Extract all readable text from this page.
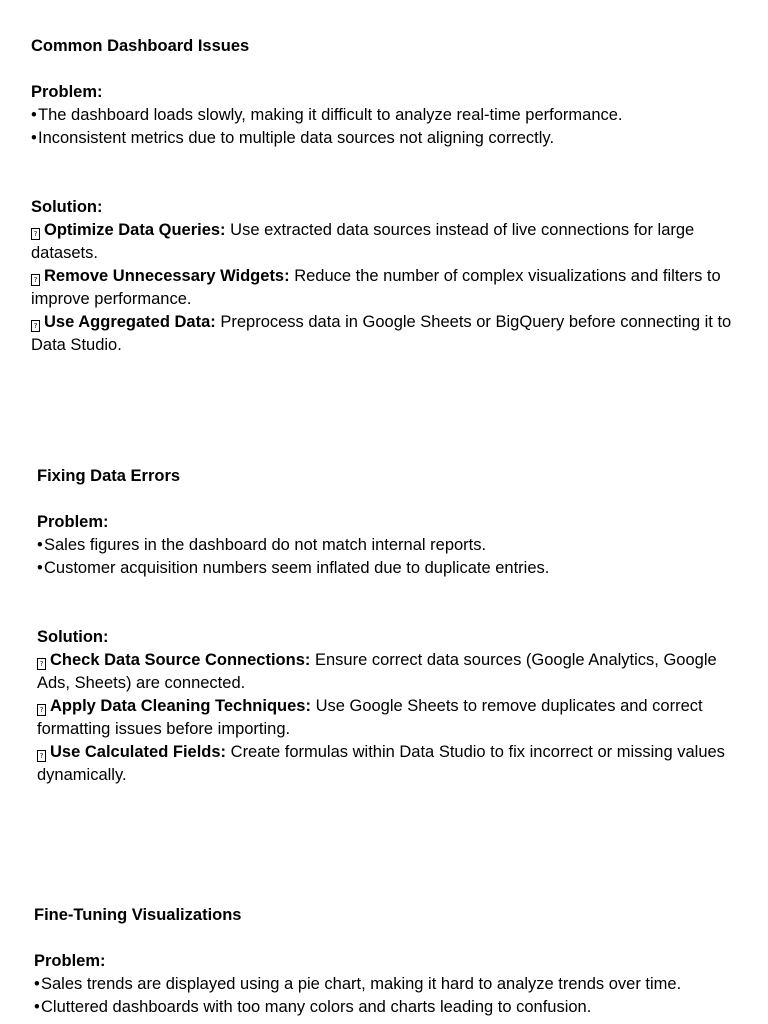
Common Dashboard Issues

Problem:

•The dashboard loads slowly, making it difficult to analyze real-time performance.

•Inconsistent metrics due to multiple data sources not aligning correctly.

Solution:

? Optimize Data Queries: Use extracted data sources instead of live connections for large datasets.

? Remove Unnecessary Widgets: Reduce the number of complex visualizations and filters to improve performance.

? Use Aggregated Data: Preprocess data in Google Sheets or BigQuery before connecting it to Data Studio.

Fixing Data Errors

Problem:

•Sales figures in the dashboard do not match internal reports.

•Customer acquisition numbers seem inflated due to duplicate entries.

Solution:

? Check Data Source Connections: Ensure correct data sources (Google Analytics, Google Ads, Sheets) are connected.

? Apply Data Cleaning Techniques: Use Google Sheets to remove duplicates and correct formatting issues before importing.

? Use Calculated Fields: Create formulas within Data Studio to fix incorrect or missing values dynamically.

Fine-Tuning Visualizations

Problem:

•Sales trends are displayed using a pie chart, making it hard to analyze trends over time.

•Cluttered dashboards with too many colors and charts leading to confusion.
